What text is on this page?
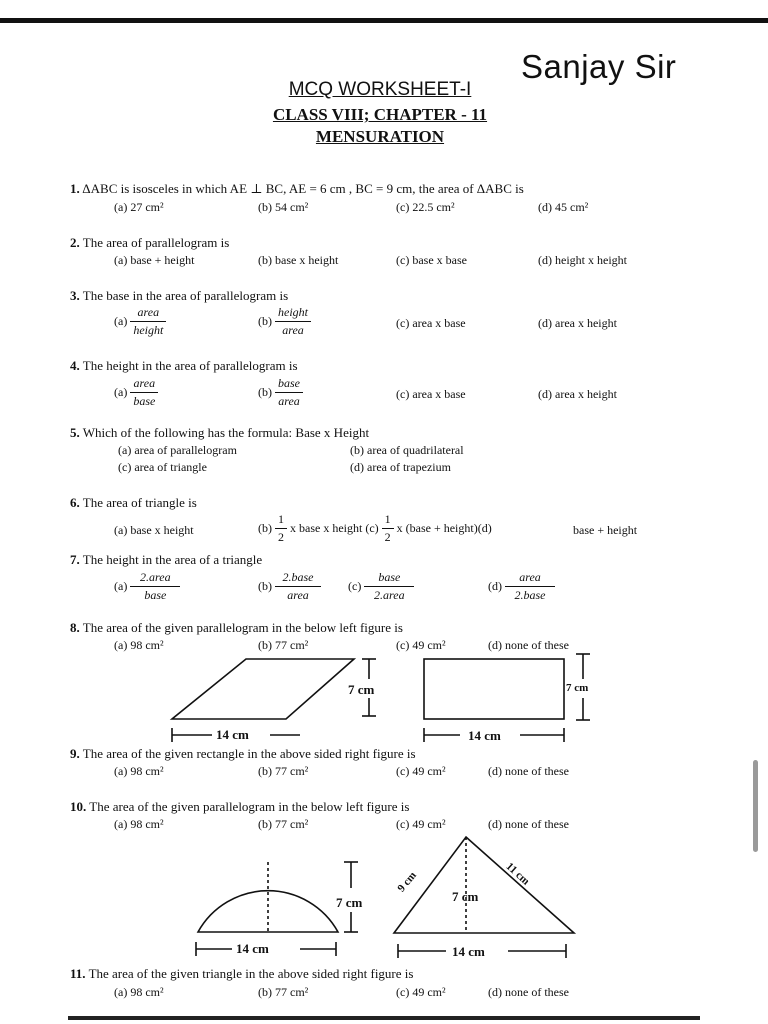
Sanjay Sir
MCQ WORKSHEET-I
CLASS VIII; CHAPTER - 11
MENSURATION
1. ΔABC is isosceles in which AE ⊥ BC, AE = 6 cm , BC = 9 cm, the area of ΔABC is
(a) 27 cm²	(b) 54 cm²	(c) 22.5 cm²	(d) 45 cm²
2. The area of parallelogram is
(a) base + height	(b) base x height	(c) base x base	(d) height x height
3. The base in the area of parallelogram is
$(a) \frac{\text{area}}{\text{height}}$	$(b) \frac{\text{height}}{\text{area}}$	(c) area x base	(d) area x height
4. The height in the area of parallelogram is
$(a) \frac{\text{area}}{\text{base}}$	$(b) \frac{\text{base}}{\text{area}}$	(c) area x base	(d) area x height
5. Which of the following has the formula: Base x Height
(a) area of parallelogram	(b) area of quadrilateral
(c) area of triangle	(d) area of trapezium
6. The area of triangle is
(a) base x height	$(b) \frac{1}{2}$ x base x height $(c) \frac{1}{2}$ x (base + height)(d)	base + height
7. The height in the area of a triangle
$(a) \frac{\text{2.area}}{\text{base}}$	$(b) \frac{\text{2.base}}{\text{area}} (c) \frac{\text{base}}{\text{2.area}}$	$(d) \frac{\text{area}}{\text{2.base}}$
8. The area of the given parallelogram in the below left figure is
(a) 98 cm²	(b) 77 cm²	(c) 49 cm²	(d) none of these
7 cm
14 cm
7 cm
14 cm
9. The area of the given rectangle in the above sided right figure is
(a) 98 cm²	(b) 77 cm²	(c) 49 cm²	(d) none of these
10. The area of the given parallelogram in the below left figure is
(a) 98 cm²	(b) 77 cm²	(c) 49 cm²	(d) none of these
7 cm
14 cm
7 cm
14 cm
9 cm	11 cm
11. The area of the given triangle in the above sided right figure is
(a) 98 cm²	(b) 77 cm²	(c) 49 cm²	(d) none of these
